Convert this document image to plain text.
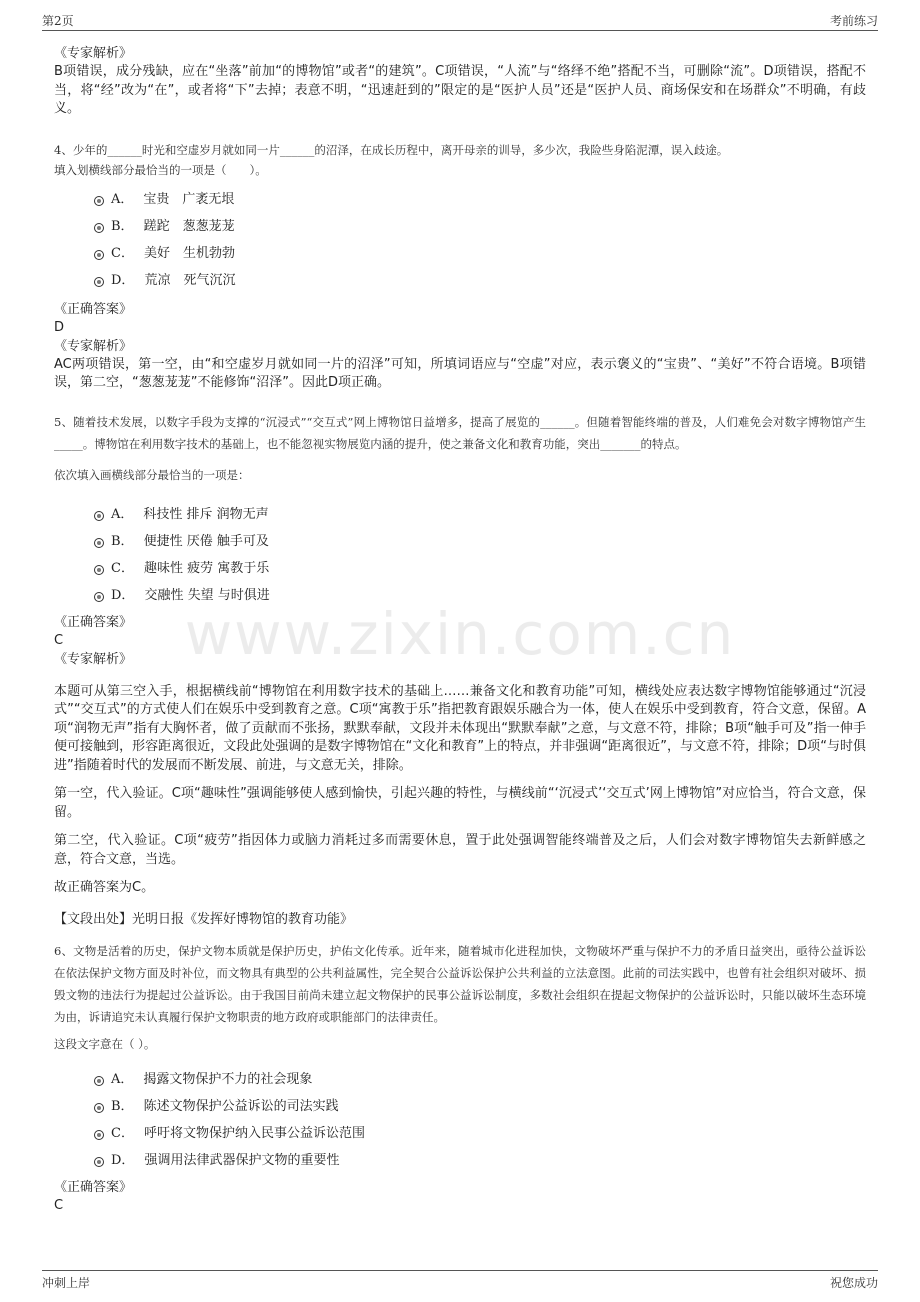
第2页	考前练习
www.zixin.com.cn
《专家解析》
B项错误，成分残缺，应在“坐落”前加“的博物馆”或者“的建筑”。C项错误，“人流”与“络绎不绝”搭配不当，可删除“流”。D项错误，搭配不当，将“经”改为“在”，或者将“下”去掉；表意不明，“迅速赶到的”限定的是“医护人员”还是“医护人员、商场保安和在场群众”不明确，有歧义。
4、少年的______时光和空虚岁月就如同一片______的沼泽，在成长历程中，离开母亲的训导，多少次，我险些身陷泥潭，误入歧途。
填入划横线部分最恰当的一项是（　　）。
A． 宝贵　广袤无垠
B． 蹉跎　葱葱茏茏
C． 美好　生机勃勃
D． 荒凉　死气沉沉
《正确答案》
D
《专家解析》
AC两项错误，第一空，由“和空虚岁月就如同一片的沼泽”可知，所填词语应与“空虚”对应，表示褒义的“宝贵”、“美好”不符合语境。B项错误，第二空，“葱葱茏茏”不能修饰“沼泽”。因此D项正确。
5、随着技术发展，以数字手段为支撑的“沉浸式”“交互式”网上博物馆日益增多，提高了展览的______。但随着智能终端的普及，人们难免会对数字博物馆产生_____。博物馆在利用数字技术的基础上，也不能忽视实物展览内涵的提升，使之兼备文化和教育功能，突出_______的特点。
依次填入画横线部分最恰当的一项是：
A． 科技性 排斥 润物无声
B． 便捷性 厌倦 触手可及
C． 趣味性 疲劳 寓教于乐
D． 交融性 失望 与时俱进
《正确答案》
C
《专家解析》
本题可从第三空入手，根据横线前“博物馆在利用数字技术的基础上……兼备文化和教育功能”可知，横线处应表达数字博物馆能够通过“沉浸式”“交互式”的方式使人们在娱乐中受到教育之意。C项“寓教于乐”指把教育跟娱乐融合为一体，使人在娱乐中受到教育，符合文意，保留。A项“润物无声”指有大胸怀者，做了贡献而不张扬，默默奉献，文段并未体现出“默默奉献”之意，与文意不符，排除；B项“触手可及”指一伸手便可接触到，形容距离很近，文段此处强调的是数字博物馆在“文化和教育”上的特点，并非强调“距离很近”，与文意不符，排除；D项“与时俱进”指随着时代的发展而不断发展、前进，与文意无关，排除。
第一空，代入验证。C项“趣味性”强调能够使人感到愉快，引起兴趣的特性，与横线前“‘沉浸式’‘交互式’网上博物馆”对应恰当，符合文意，保留。
第二空，代入验证。C项“疲劳”指因体力或脑力消耗过多而需要休息，置于此处强调智能终端普及之后，人们会对数字博物馆失去新鲜感之意，符合文意，当选。
故正确答案为C。
【文段出处】光明日报《发挥好博物馆的教育功能》
6、文物是活着的历史，保护文物本质就是保护历史，护佑文化传承。近年来，随着城市化进程加快，文物破坏严重与保护不力的矛盾日益突出，亟待公益诉讼在依法保护文物方面及时补位，而文物具有典型的公共利益属性，完全契合公益诉讼保护公共利益的立法意图。此前的司法实践中，也曾有社会组织对破坏、损毁文物的违法行为提起过公益诉讼。由于我国目前尚未建立起文物保护的民事公益诉讼制度，多数社会组织在提起文物保护的公益诉讼时，只能以破坏生态环境为由，诉请追究未认真履行保护文物职责的地方政府或职能部门的法律责任。
这段文字意在（ ）。
A． 揭露文物保护不力的社会现象
B． 陈述文物保护公益诉讼的司法实践
C． 呼吁将文物保护纳入民事公益诉讼范围
D． 强调用法律武器保护文物的重要性
《正确答案》
C
冲刺上岸	祝您成功
